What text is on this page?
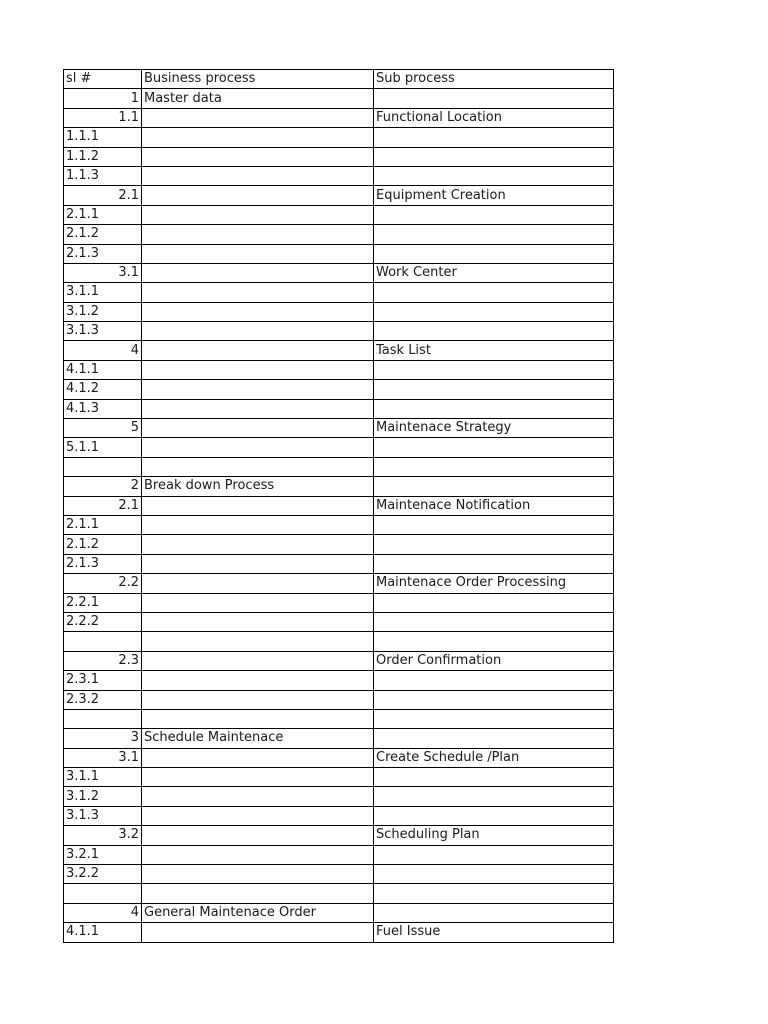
sl #	Business process	Sub process
1	Master data	
1.1		Functional Location
1.1.1		
1.1.2		
1.1.3		
2.1		Equipment Creation
2.1.1		
2.1.2		
2.1.3		
3.1		Work Center
3.1.1		
3.1.2		
3.1.3		
4		Task List
4.1.1		
4.1.2		
4.1.3		
5		Maintenace Strategy
5.1.1		

2	Break down Process	
2.1		Maintenace Notification
2.1.1		
2.1.2		
2.1.3		
2.2		Maintenace Order Processing
2.2.1		
2.2.2		

2.3		Order Confirmation
2.3.1		
2.3.2		

3	Schedule Maintenace	
3.1		Create Schedule /Plan
3.1.1		
3.1.2		
3.1.3		
3.2		Scheduling Plan
3.2.1		
3.2.2		

4	General Maintenace Order	
4.1.1		Fuel Issue
